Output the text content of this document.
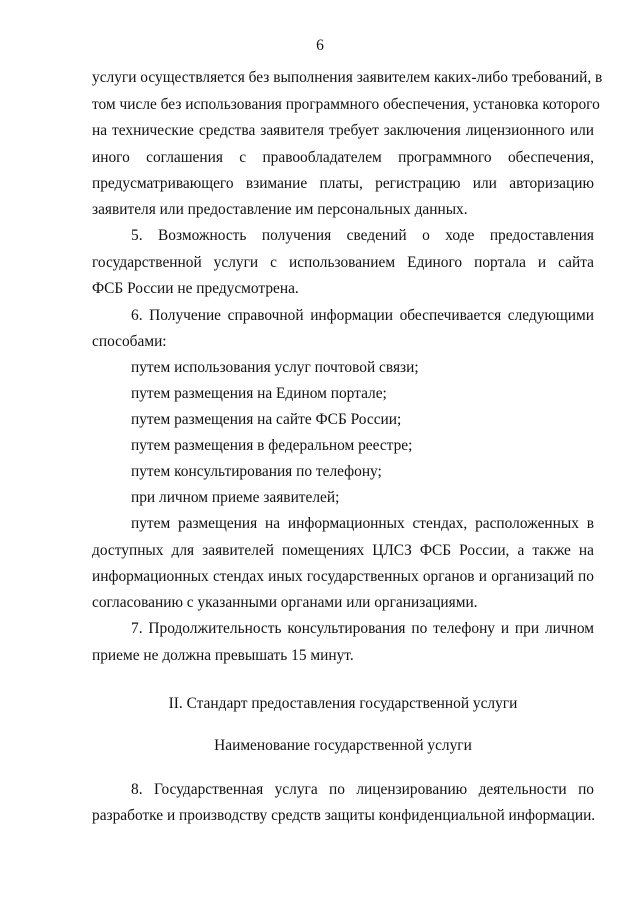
6
услуги осуществляется без выполнения заявителем каких-либо требований, в
том числе без использования программного обеспечения, установка которого
на технические средства заявителя требует заключения лицензионного или
иного соглашения с правообладателем программного обеспечения,
предусматривающего взимание платы, регистрацию или авторизацию
заявителя или предоставление им персональных данных.
5. Возможность получения сведений о ходе предоставления
государственной услуги с использованием Единого портала и сайта
ФСБ России не предусмотрена.
6. Получение справочной информации обеспечивается следующими
способами:
путем использования услуг почтовой связи;
путем размещения на Едином портале;
путем размещения на сайте ФСБ России;
путем размещения в федеральном реестре;
путем консультирования по телефону;
при личном приеме заявителей;
путем размещения на информационных стендах, расположенных в
доступных для заявителей помещениях ЦЛСЗ ФСБ России, а также на
информационных стендах иных государственных органов и организаций по
согласованию с указанными органами или организациями.
7. Продолжительность консультирования по телефону и при личном
приеме не должна превышать 15 минут.
II. Стандарт предоставления государственной услуги
Наименование государственной услуги
8. Государственная услуга по лицензированию деятельности по
разработке и производству средств защиты конфиденциальной информации.
